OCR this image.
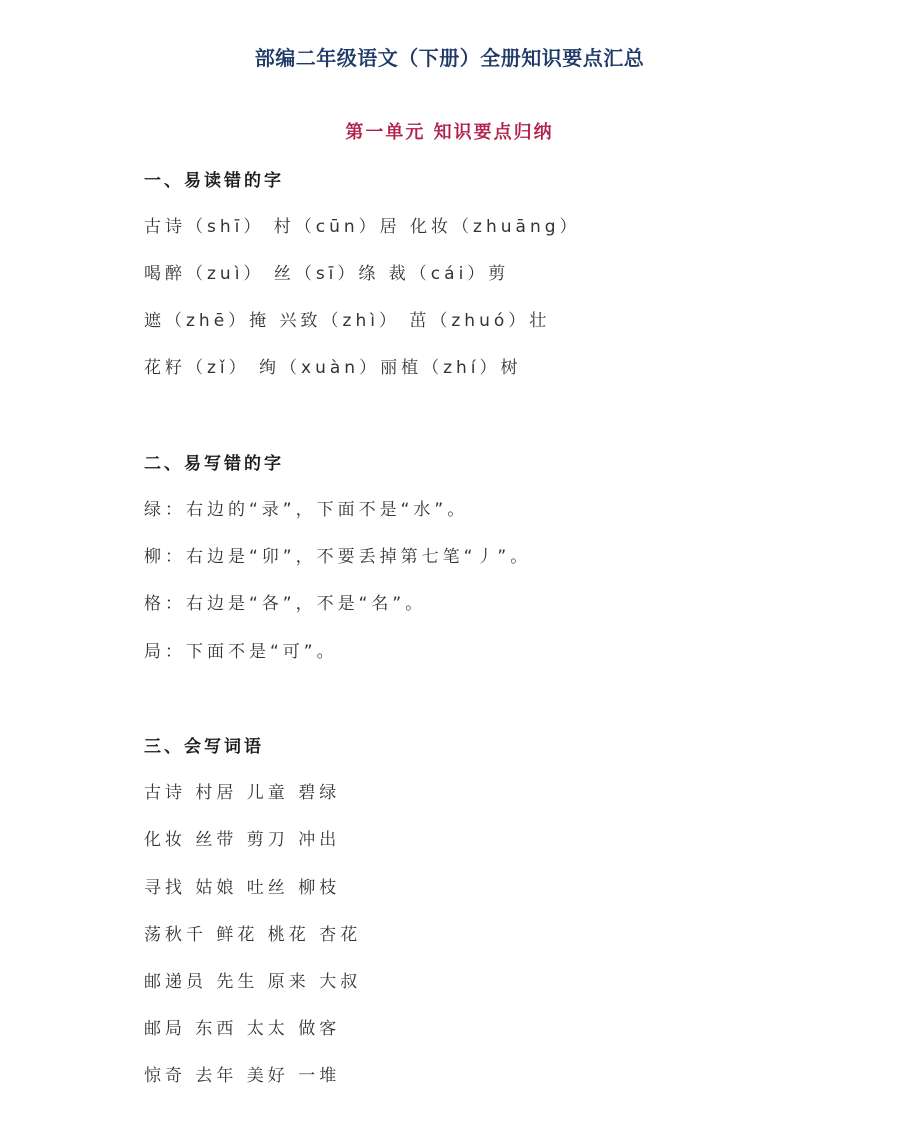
部编二年级语文（下册）全册知识要点汇总
第一单元 知识要点归纳
一、易读错的字

古诗（shī） 村（cūn）居 化妆（zhuāng）

喝醉（zuì） 丝（sī）绦 裁（cái）剪

遮（zhē）掩 兴致（zhì） 茁（zhuó）壮

花籽（zǐ） 绚（xuàn）丽植（zhí）树

二、易写错的字

绿：右边的“录”，下面不是“水”。

柳：右边是“卯”，不要丢掉第七笔“丿”。

格：右边是“各”，不是“名”。

局：下面不是“可”。

三、会写词语

古诗 村居 儿童 碧绿

化妆 丝带 剪刀 冲出

寻找 姑娘 吐丝 柳枝

荡秋千 鲜花 桃花 杏花

邮递员 先生 原来 大叔

邮局 东西 太太 做客

惊奇 去年 美好 一堆
